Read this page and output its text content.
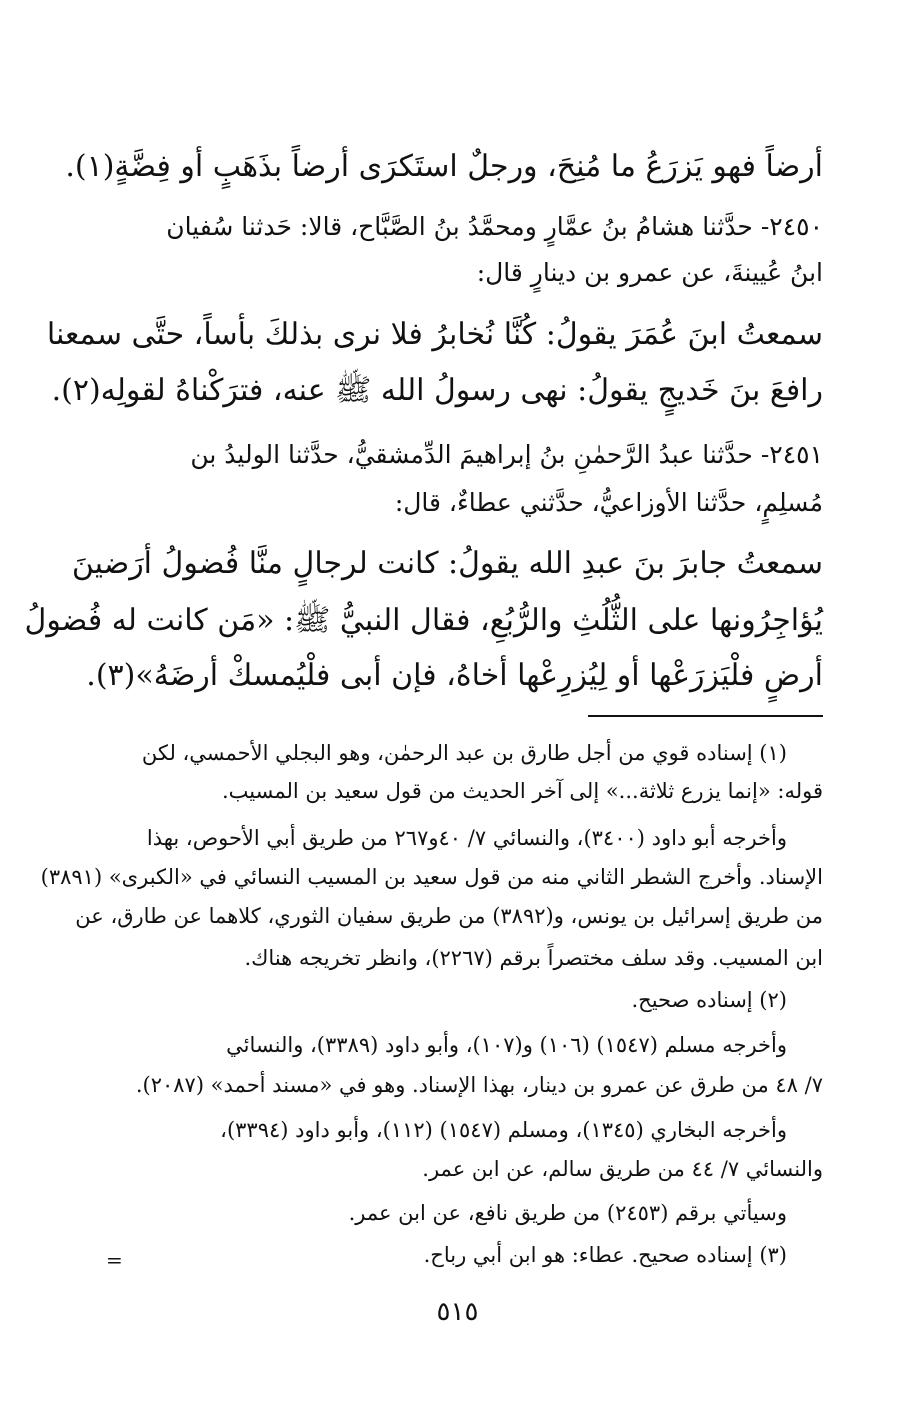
أرضاً فهو يَزرَعُ ما مُنِحَ، ورجلٌ استَكرَى أرضاً بذَهَبٍ أو فِضَّةٍ(١).
٢٤٥٠- حدَّثنا هشامُ بنُ عمَّارٍ ومحمَّدُ بنُ الصَّبَّاح، قالا: حَدثنا سُفيان
ابنُ عُيينةَ، عن عمرو بن دينارٍ قال:
سمعتُ ابنَ عُمَرَ يقولُ: كُنَّا نُخابرُ فلا نرى بذلكَ بأساً، حتَّى سمعنا
رافعَ بنَ خَديجٍ يقولُ: نهى رسولُ الله ﷺ عنه، فترَكْناهُ لقولِه(٢).
٢٤٥١- حدَّثنا عبدُ الرَّحمٰنِ بنُ إبراهيمَ الدِّمشقيُّ، حدَّثنا الوليدُ بن
مُسلِمٍ، حدَّثنا الأوزاعيُّ، حدَّثني عطاءٌ، قال:
سمعتُ جابرَ بنَ عبدِ الله يقولُ: كانت لرجالٍ منَّا فُضولُ أرَضينَ
يُؤاجِرُونها على الثُّلُثِ والرُّبُعِ، فقال النبيُّ ﷺ: «مَن كانت له فُضولُ
أرضٍ فلْيَزرَعْها أو لِيُزرِعْها أخاهُ، فإن أبى فلْيُمسكْ أرضَهُ»(٣).
(١) إسناده قوي من أجل طارق بن عبد الرحمٰن، وهو البجلي الأحمسي، لكن
قوله: «إنما يزرع ثلاثة...» إلى آخر الحديث من قول سعيد بن المسيب.
وأخرجه أبو داود (٣٤٠٠)، والنسائي ٧/ ٤٠و٢٦٧ من طريق أبي الأحوص، بهذا
الإسناد. وأخرج الشطر الثاني منه من قول سعيد بن المسيب النسائي في «الكبرى» (٣٨٩١)
من طريق إسرائيل بن يونس، و(٣٨٩٢) من طريق سفيان الثوري، كلاهما عن طارق، عن
ابن المسيب. وقد سلف مختصراً برقم (٢٢٦٧)، وانظر تخريجه هناك.
(٢) إسناده صحيح.
وأخرجه مسلم (١٥٤٧) (١٠٦) و(١٠٧)، وأبو داود (٣٣٨٩)، والنسائي
٧/ ٤٨ من طرق عن عمرو بن دينار، بهذا الإسناد. وهو في «مسند أحمد» (٢٠٨٧).
وأخرجه البخاري (١٣٤٥)، ومسلم (١٥٤٧) (١١٢)، وأبو داود (٣٣٩٤)،
والنسائي ٧/ ٤٤ من طريق سالم، عن ابن عمر.
وسيأتي برقم (٢٤٥٣) من طريق نافع، عن ابن عمر.
(٣) إسناده صحيح. عطاء: هو ابن أبي رباح.
=
٥١٥
